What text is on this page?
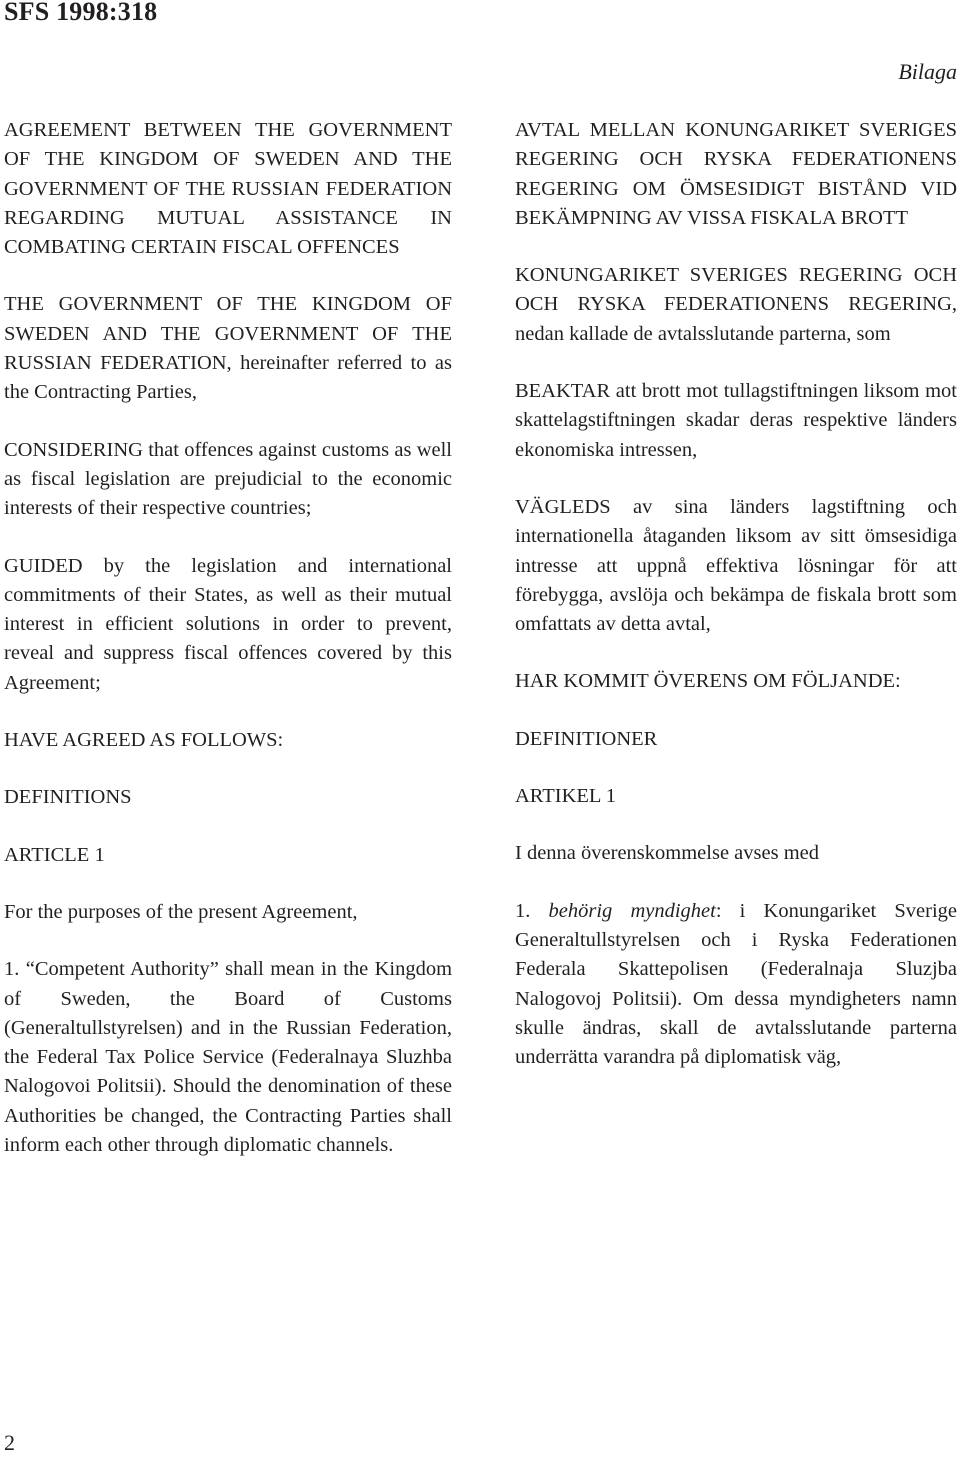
SFS 1998:318
Bilaga

AGREEMENT BETWEEN THE GOVERNMENT OF THE KINGDOM OF SWEDEN AND THE GOVERNMENT OF THE RUSSIAN FEDERATION REGARDING MUTUAL ASSISTANCE IN COMBATING CERTAIN FISCAL OFFENCES

THE GOVERNMENT OF THE KINGDOM OF SWEDEN AND THE GOVERNMENT OF THE RUSSIAN FEDERATION, hereinafter referred to as the Contracting Parties,

CONSIDERING that offences against customs as well as fiscal legislation are prejudicial to the economic interests of their respective countries;

GUIDED by the legislation and international commitments of their States, as well as their mutual interest in efficient solutions in order to prevent, reveal and suppress fiscal offences covered by this Agreement;

HAVE AGREED AS FOLLOWS:

DEFINITIONS

ARTICLE 1

For the purposes of the present Agreement,

1. “Competent Authority” shall mean in the Kingdom of Sweden, the Board of Customs (Generaltullstyrelsen) and in the Russian Federation, the Federal Tax Police Service (Federalnaya Sluzhba Nalogovoi Politsii). Should the denomination of these Authorities be changed, the Contracting Parties shall inform each other through diplomatic channels.

AVTAL MELLAN KONUNGARIKET SVERIGES REGERING OCH RYSKA FEDERATIONENS REGERING OM ÖMSESIDIGT BISTÅND VID BEKÄMPNING AV VISSA FISKALA BROTT

KONUNGARIKET SVERIGES REGERING OCH OCH RYSKA FEDERATIONENS REGERING, nedan kallade de avtalsslutande parterna, som

BEAKTAR att brott mot tullagstiftningen liksom mot skattelagstiftningen skadar deras respektive länders ekonomiska intressen,

VÄGLEDS av sina länders lagstiftning och internationella åtaganden liksom av sitt ömsesidiga intresse att uppnå effektiva lösningar för att förebygga, avslöja och bekämpa de fiskala brott som omfattats av detta avtal,

HAR KOMMIT ÖVERENS OM FÖLJANDE:

DEFINITIONER

ARTIKEL 1

I denna överenskommelse avses med

1. behörig myndighet: i Konungariket Sverige Generaltullstyrelsen och i Ryska Federationen Federala Skattepolisen (Federalnaja Sluzjba Nalogovoj Politsii). Om dessa myndigheters namn skulle ändras, skall de avtalsslutande parterna underrätta varandra på diplomatisk väg,

2
